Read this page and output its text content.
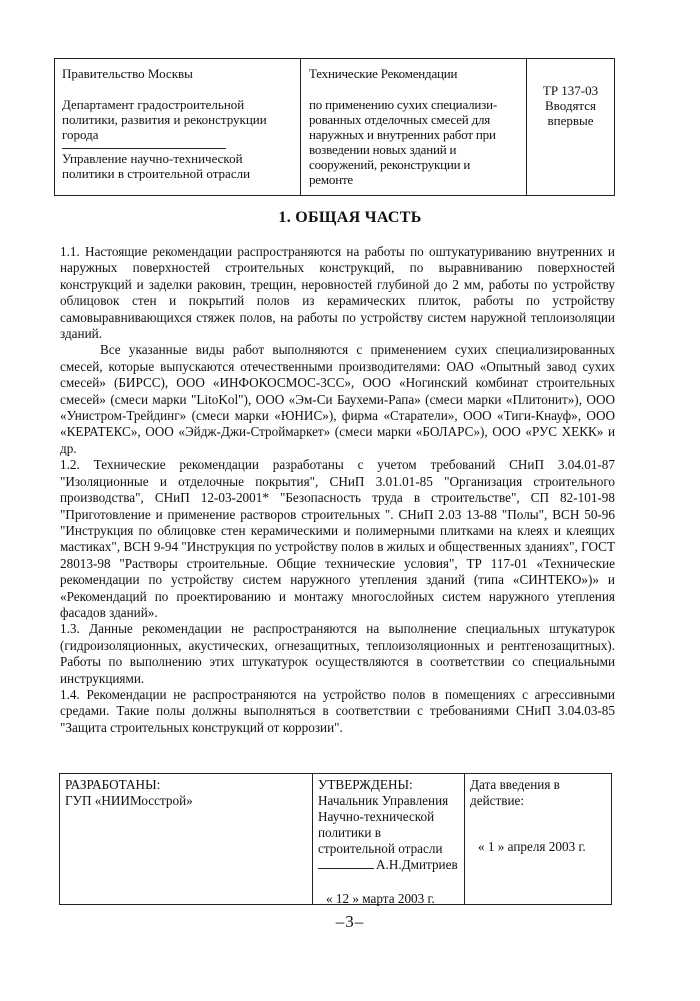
Правительство Москвы
Департамент градостроительной
политики, развития и реконструкции
города
Управление научно-технической
политики в строительной отрасли
Технические Рекомендации
по применению сухих специализи-
рованных отделочных смесей для
наружных и внутренних работ при
возведении новых зданий и
сооружений, реконструкции и
ремонте
ТР 137-03
Вводятся
впервые
1. ОБЩАЯ ЧАСТЬ

1.1. Настоящие рекомендации распространяются на работы по оштукатуриванию внутренних и наружных поверхностей строительных конструкций, по выравниванию поверхностей конструкций и заделки раковин, трещин, неровностей глубиной до 2 мм, работы по устройству облицовок стен и покрытий полов из керамических плиток, работы по устройству самовыравнивающихся стяжек полов, на работы по устройству систем наружной теплоизоляции зданий.

Все указанные виды работ выполняются с применением сухих специализированных смесей, которые выпускаются отечественными производителями: ОАО «Опытный завод сухих смесей» (БИРСС), ООО «ИНФОКОСМОС-3СС», ООО «Ногинский комбинат строительных смесей» (смеси марки "LitoKol"), ООО «Эм-Си Баухеми-Рапа» (смеси марки «Плитонит»), ООО «Унистром-Трейдинг» (смеси марки «ЮНИС»), фирма «Старатели», ООО «Тиги-Кнауф», ООО «КЕРАТЕКС», ООО «Эйдж-Джи-Строймаркет» (смеси марки «БОЛАРС»), ООО «РУС ХЕКК» и др.

1.2. Технические рекомендации разработаны с учетом требований СНиП 3.04.01-87 "Изоляционные и отделочные покрытия", СНиП 3.01.01-85 "Организация строительного производства", СНиП 12-03-2001* "Безопасность труда в строительстве", СП 82-101-98 "Приготовление и применение растворов строительных ". СНиП 2.03 13-88 "Полы", ВСН 50-96 "Инструкция по облицовке стен керамическими и полимерными плитками на клеях и клеящих мастиках", ВСН 9-94 "Инструкция по устройству полов в жилых и общественных зданиях", ГОСТ 28013-98 "Растворы строительные. Общие технические условия", ТР 117-01 «Технические рекомендации по устройству систем наружного утепления зданий (типа «СИНТЕКО»)» и «Рекомендаций по проектированию и монтажу многослойных систем наружного утепления фасадов зданий».

1.3. Данные рекомендации не распространяются на выполнение специальных штукатурок (гидроизоляционных, акустических, огнезащитных, теплоизоляционных и рентгенозащитных). Работы по выполнению этих штукатурок осуществляются в соответствии со специальными инструкциями.

1.4. Рекомендации не распространяются на устройство полов в помещениях с агрессивными средами. Такие полы должны выполняться в соответствии с требованиями СНиП 3.04.03-85 "Защита строительных конструкций от коррозии".

РАЗРАБОТАНЫ:
ГУП «НИИМосстрой»
УТВЕРЖДЕНЫ:
Начальник Управления
Научно-технической
политики в
строительной отрасли
А.Н.Дмитриев
« 12 » марта 2003 г.
Дата введения в
действие:
« 1 » апреля 2003 г.
–3–
